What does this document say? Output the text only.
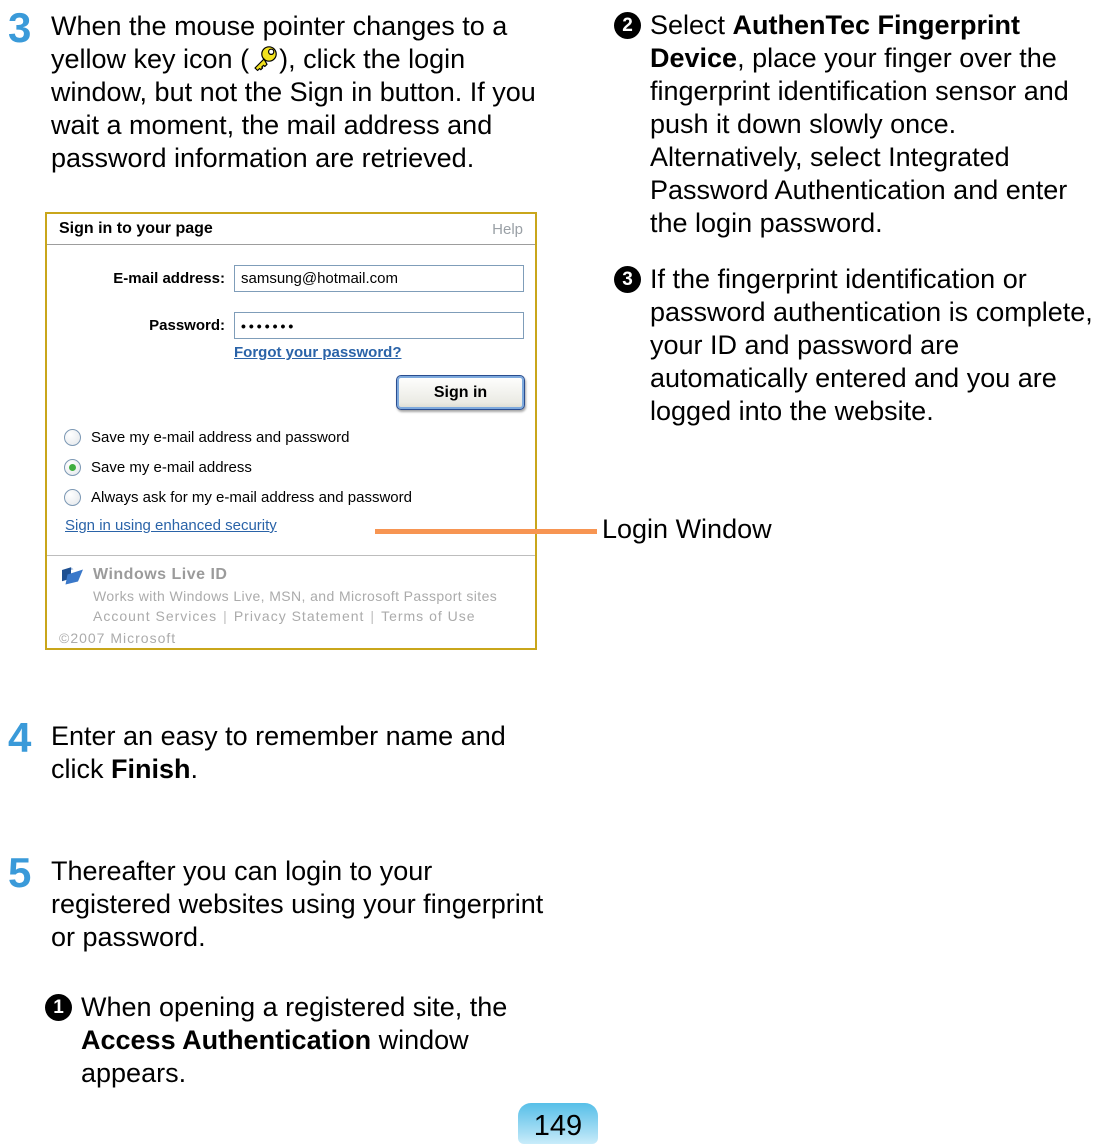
3 When the mouse pointer changes to a yellow key icon ( ), click the login window, but not the Sign in button. If you wait a moment, the mail address and password information are retrieved.

Sign in to your page	Help
E-mail address:
samsung@hotmail.com
Password:
•••••••
Forgot your password?
Sign in
Save my e-mail address and password
Save my e-mail address
Always ask for my e-mail address and password
Sign in using enhanced security
Windows Live ID
Works with Windows Live, MSN, and Microsoft Passport sites
Account Services | Privacy Statement | Terms of Use
©2007 Microsoft
Login Window
4 Enter an easy to remember name and click Finish.

5 Thereafter you can login to your registered websites using your fingerprint or password.

1 When opening a registered site, the Access Authentication window appears.

2 Select AuthenTec Fingerprint Device, place your finger over the fingerprint identification sensor and push it down slowly once. Alternatively, select Integrated Password Authentication and enter the login password.

3 If the fingerprint identification or password authentication is complete, your ID and password are automatically entered and you are logged into the website.

149
